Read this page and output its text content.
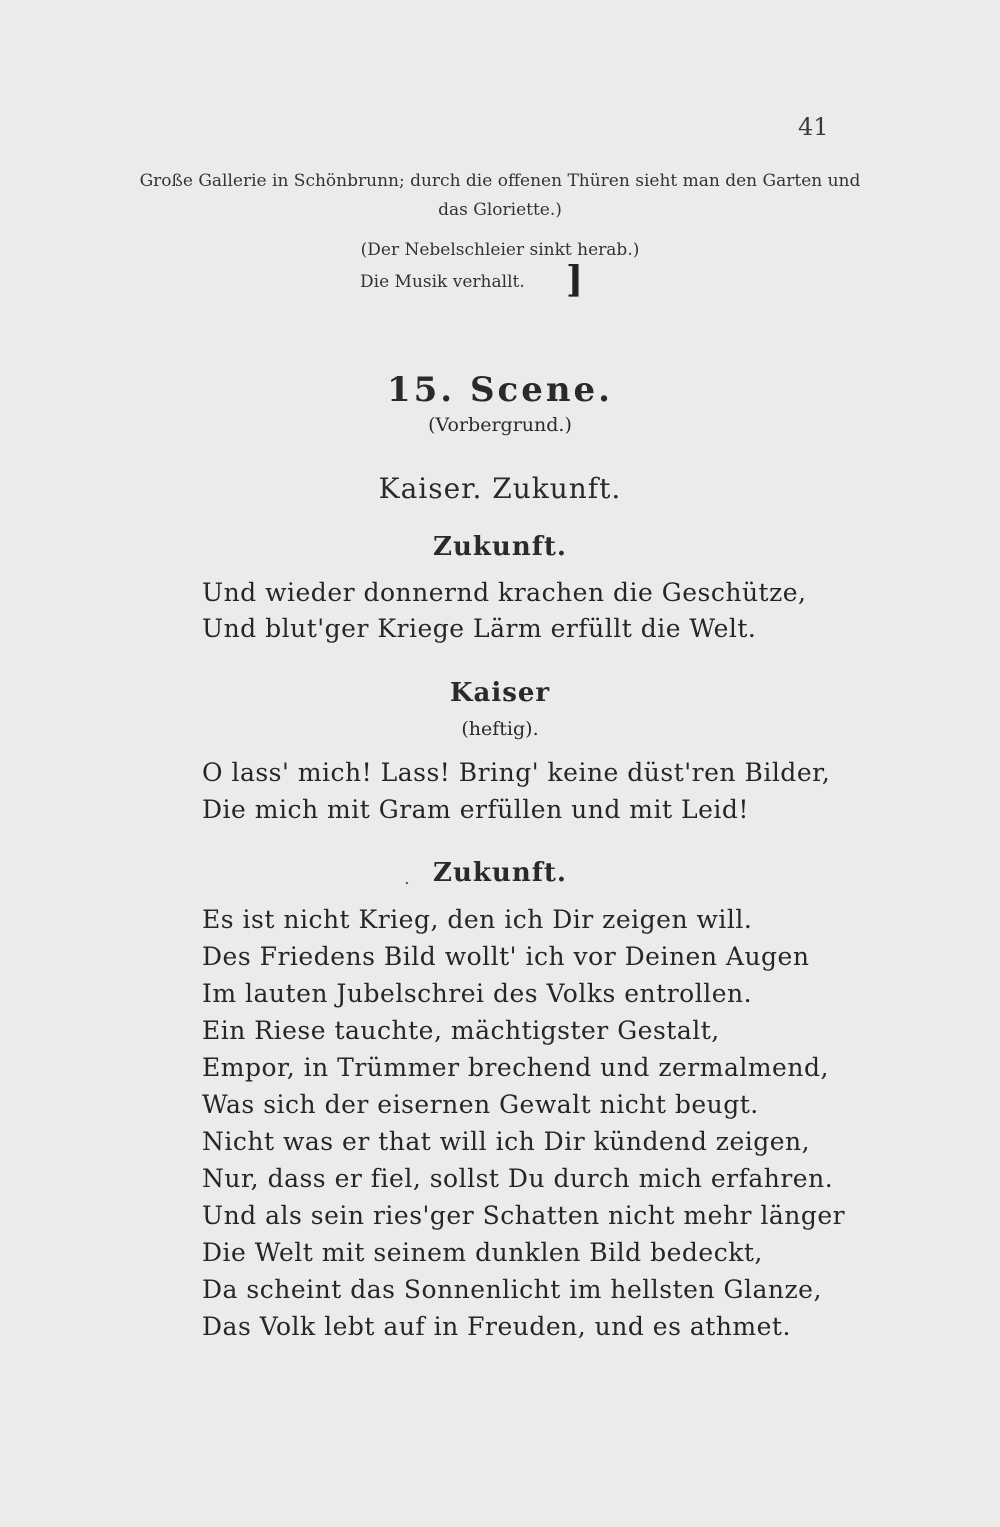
41
Große Gallerie in Schönbrunn; durch die offenen Thüren sieht man den Garten und
das Gloriette.)
(Der Nebelschleier sinkt herab.)
Die Musik verhallt. ]
15. Scene.
(Vorbergrund.)
Kaiser. Zukunft.
Zukunft.
Und wieder donnernd krachen die Geschütze,
Und blut'ger Kriege Lärm erfüllt die Welt.
Kaiser
(heftig).
O lass' mich! Lass! Bring' keine düst'ren Bilder,
Die mich mit Gram erfüllen und mit Leid!
. Zukunft.
Es ist nicht Krieg, den ich Dir zeigen will.
Des Friedens Bild wollt' ich vor Deinen Augen
Im lauten Jubelschrei des Volks entrollen.
Ein Riese tauchte, mächtigster Gestalt,
Empor, in Trümmer brechend und zermalmend,
Was sich der eisernen Gewalt nicht beugt.
Nicht was er that will ich Dir kündend zeigen,
Nur, dass er fiel, sollst Du durch mich erfahren.
Und als sein ries'ger Schatten nicht mehr länger
Die Welt mit seinem dunklen Bild bedeckt,
Da scheint das Sonnenlicht im hellsten Glanze,
Das Volk lebt auf in Freuden, und es athmet.
